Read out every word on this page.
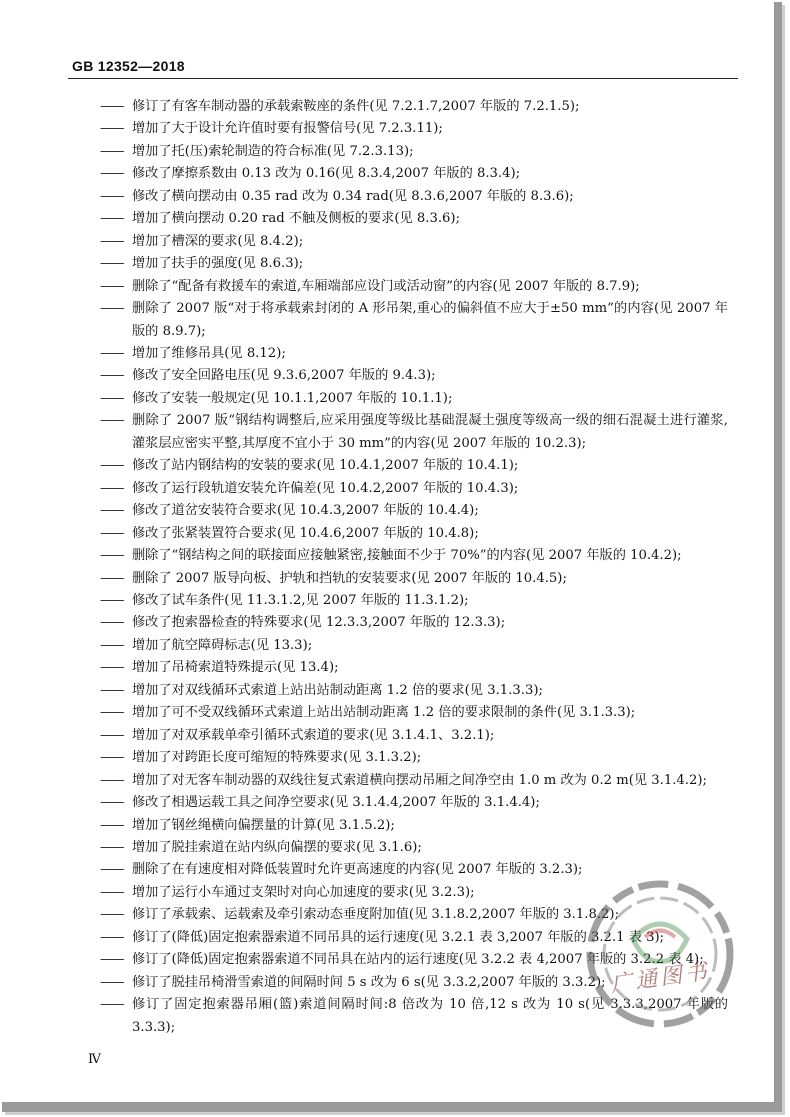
GB 12352—2018
—— 修订了有客车制动器的承载索鞍座的条件(见 7.2.1.7,2007 年版的 7.2.1.5);
—— 增加了大于设计允许值时要有报警信号(见 7.2.3.11);
—— 增加了托(压)索轮制造的符合标准(见 7.2.3.13);
—— 修改了摩擦系数由 0.13 改为 0.16(见 8.3.4,2007 年版的 8.3.4);
—— 修改了横向摆动由 0.35 rad 改为 0.34 rad(见 8.3.6,2007 年版的 8.3.6);
—— 增加了横向摆动 0.20 rad 不触及侧板的要求(见 8.3.6);
—— 增加了槽深的要求(见 8.4.2);
—— 增加了扶手的强度(见 8.6.3);
—— 删除了“配备有救援车的索道,车厢端部应设门或活动窗”的内容(见 2007 年版的 8.7.9);
—— 删除了 2007 版“对于将承载索封闭的 A 形吊架,重心的偏斜值不应大于±50 mm”的内容(见 2007 年版的 8.9.7);
—— 增加了维修吊具(见 8.12);
—— 修改了安全回路电压(见 9.3.6,2007 年版的 9.4.3);
—— 修改了安装一般规定(见 10.1.1,2007 年版的 10.1.1);
—— 删除了 2007 版“钢结构调整后,应采用强度等级比基础混凝土强度等级高一级的细石混凝土进行灌浆,灌浆层应密实平整,其厚度不宜小于 30 mm”的内容(见 2007 年版的 10.2.3);
—— 修改了站内钢结构的安装的要求(见 10.4.1,2007 年版的 10.4.1);
—— 修改了运行段轨道安装允许偏差(见 10.4.2,2007 年版的 10.4.3);
—— 修改了道岔安装符合要求(见 10.4.3,2007 年版的 10.4.4);
—— 修改了张紧装置符合要求(见 10.4.6,2007 年版的 10.4.8);
—— 删除了“钢结构之间的联接面应接触紧密,接触面不少于 70%”的内容(见 2007 年版的 10.4.2);
—— 删除了 2007 版导向板、护轨和挡轨的安装要求(见 2007 年版的 10.4.5);
—— 修改了试车条件(见 11.3.1.2,见 2007 年版的 11.3.1.2);
—— 修改了抱索器检查的特殊要求(见 12.3.3,2007 年版的 12.3.3);
—— 增加了航空障碍标志(见 13.3);
—— 增加了吊椅索道特殊提示(见 13.4);
—— 增加了对双线循环式索道上站出站制动距离 1.2 倍的要求(见 3.1.3.3);
—— 增加了可不受双线循环式索道上站出站制动距离 1.2 倍的要求限制的条件(见 3.1.3.3);
—— 增加了对双承载单牵引循环式索道的要求(见 3.1.4.1、3.2.1);
—— 增加了对跨距长度可缩短的特殊要求(见 3.1.3.2);
—— 增加了对无客车制动器的双线往复式索道横向摆动吊厢之间净空由 1.0 m 改为 0.2 m(见 3.1.4.2);
—— 修改了相遇运载工具之间净空要求(见 3.1.4.4,2007 年版的 3.1.4.4);
—— 增加了钢丝绳横向偏摆量的计算(见 3.1.5.2);
—— 增加了脱挂索道在站内纵向偏摆的要求(见 3.1.6);
—— 删除了在有速度相对降低装置时允许更高速度的内容(见 2007 年版的 3.2.3);
—— 增加了运行小车通过支架时对向心加速度的要求(见 3.2.3);
—— 修订了承载索、运载索及牵引索动态垂度附加值(见 3.1.8.2,2007 年版的 3.1.8.2);
—— 修订了(降低)固定抱索器索道不同吊具的运行速度(见 3.2.1 表 3,2007 年版的 3.2.1 表 3);
—— 修订了(降低)固定抱索器索道不同吊具在站内的运行速度(见 3.2.2 表 4,2007 年版的 3.2.2 表 4);
—— 修订了脱挂吊椅滑雪索道的间隔时间 5 s 改为 6 s(见 3.3.2,2007 年版的 3.3.2);
—— 修订了固定抱索器吊厢(篮)索道间隔时间:8 倍改为 10 倍,12 s 改为 10 s(见 3.3.3,2007 年版的 3.3.3);
Ⅳ
广通图书
